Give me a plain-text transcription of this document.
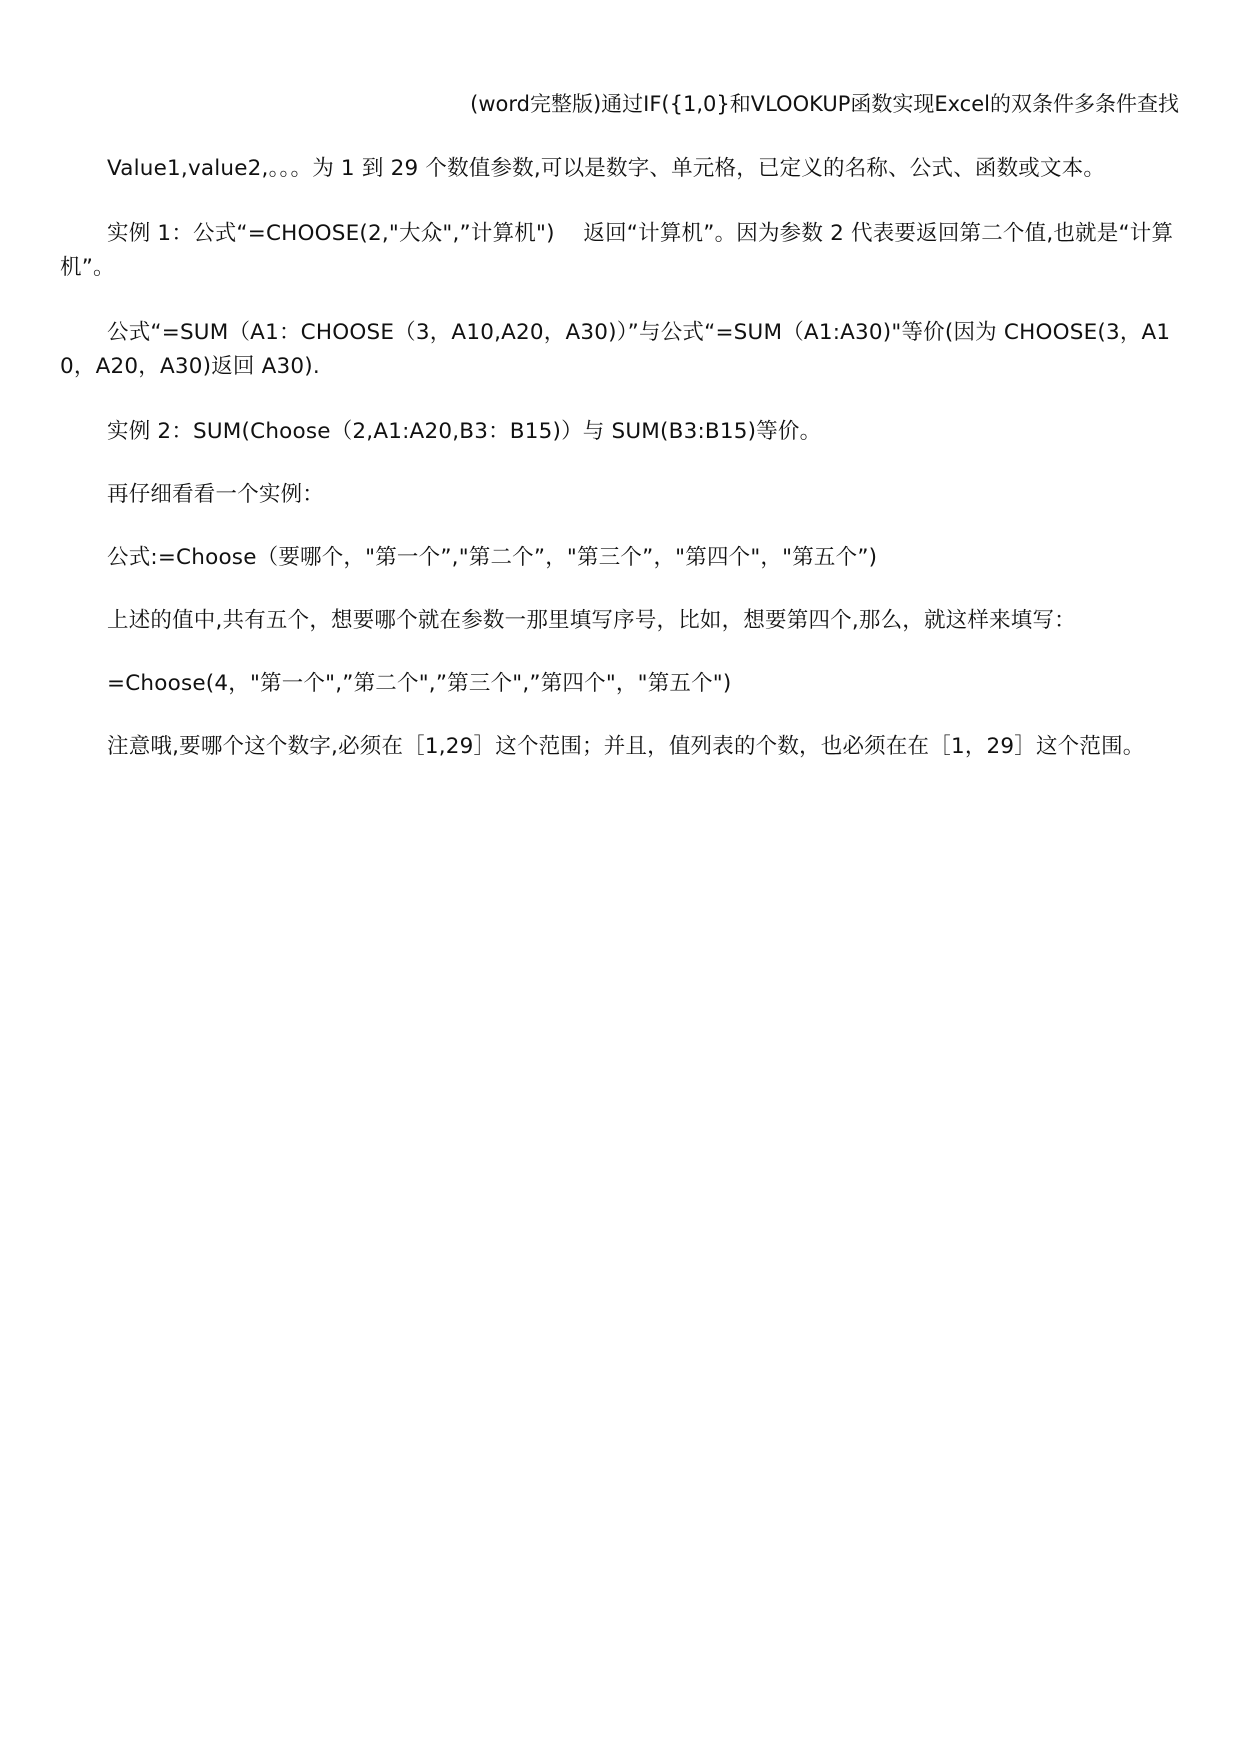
(word完整版)通过IF({1,0}和VLOOKUP函数实现Excel的双条件多条件查找

Value1,value2,。。。为 1 到 29 个数值参数,可以是数字、单元格，已定义的名称、公式、函数或文本。

实例 1：公式“=CHOOSE(2,"大众",”计算机")　 返回“计算机”。因为参数 2 代表要返回第二个值,也就是“计算机”。

公式“=SUM（A1：CHOOSE（3，A10,A20，A30)）”与公式“=SUM（A1:A30)"等价(因为 CHOOSE(3，A10，A20，A30)返回 A30).

实例 2：SUM(Choose（2,A1:A20,B3：B15)）与 SUM(B3:B15)等价。

再仔细看看一个实例：

公式:=Choose（要哪个，"第一个”,"第二个”，"第三个”，"第四个"，"第五个”)

上述的值中,共有五个，想要哪个就在参数一那里填写序号，比如，想要第四个,那么，就这样来填写：

=Choose(4，"第一个",”第二个",”第三个",”第四个"，"第五个")

注意哦,要哪个这个数字,必须在［1,29］这个范围；并且，值列表的个数，也必须在在［1，29］这个范围。
